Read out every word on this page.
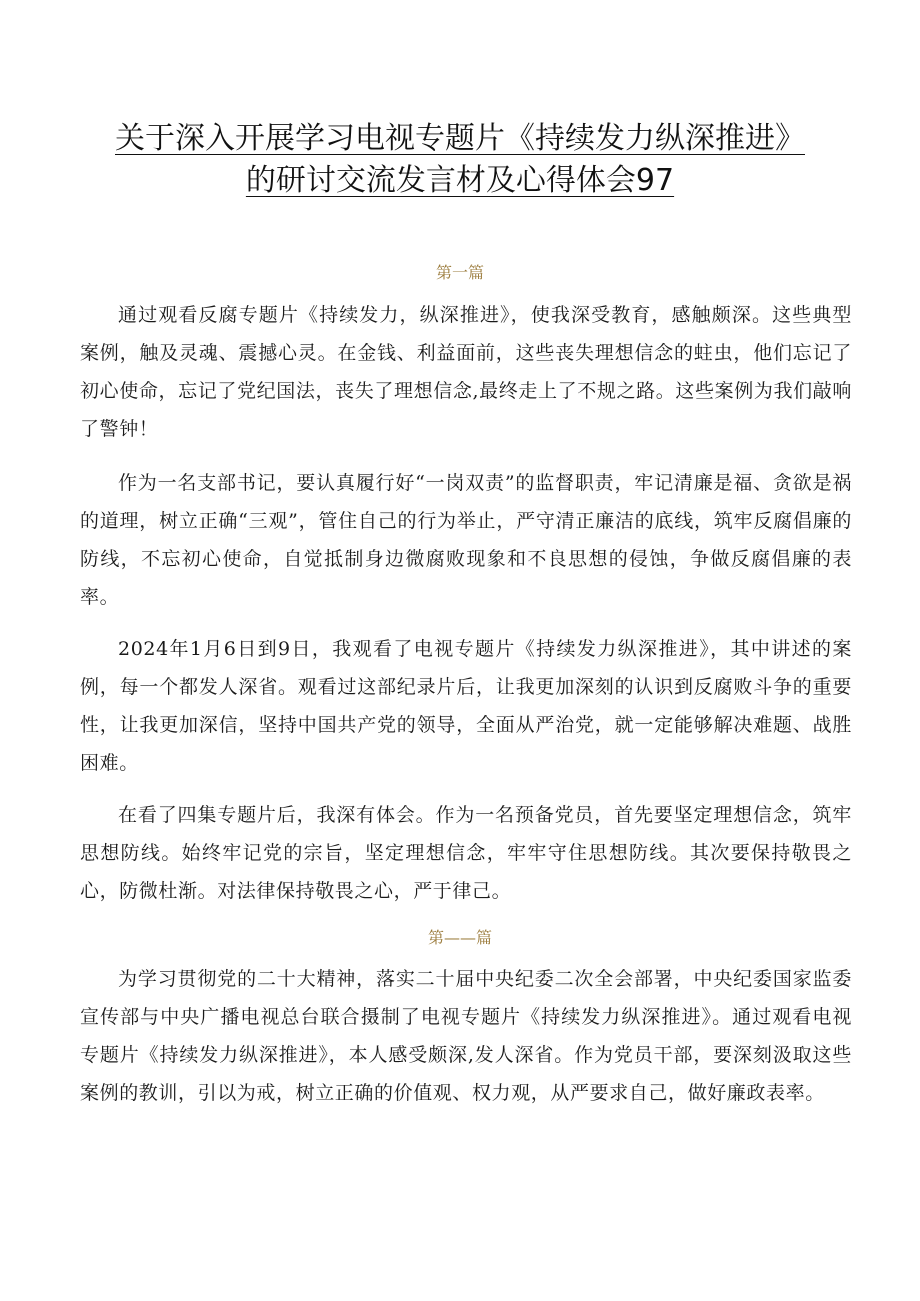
关于深入开展学习电视专题片《持续发力纵深推进》
的研讨交流发言材及心得体会97
第一篇

通过观看反腐专题片《持续发力，纵深推进》，使我深受教育，感触颇深。这些典型案例，触及灵魂、震撼心灵。在金钱、利益面前，这些丧失理想信念的蛀虫，他们忘记了初心使命，忘记了党纪国法，丧失了理想信念,最终走上了不规之路。这些案例为我们敲响了警钟！

作为一名支部书记，要认真履行好“一岗双责”的监督职责，牢记清廉是福、贪欲是祸的道理，树立正确“三观”，管住自己的行为举止，严守清正廉洁的底线，筑牢反腐倡廉的防线，不忘初心使命，自觉抵制身边微腐败现象和不良思想的侵蚀，争做反腐倡廉的表率。

2024年1月6日到9日，我观看了电视专题片《持续发力纵深推进》，其中讲述的案例，每一个都发人深省。观看过这部纪录片后，让我更加深刻的认识到反腐败斗争的重要性，让我更加深信，坚持中国共产党的领导，全面从严治党，就一定能够解决难题、战胜困难。

在看了四集专题片后，我深有体会。作为一名预备党员，首先要坚定理想信念，筑牢思想防线。始终牢记党的宗旨，坚定理想信念，牢牢守住思想防线。其次要保持敬畏之心，防微杜渐。对法律保持敬畏之心，严于律己。

第——篇

为学习贯彻党的二十大精神，落实二十届中央纪委二次全会部署，中央纪委国家监委宣传部与中央广播电视总台联合摄制了电视专题片《持续发力纵深推进》。通过观看电视专题片《持续发力纵深推进》，本人感受颇深,发人深省。作为党员干部，要深刻汲取这些案例的教训，引以为戒，树立正确的价值观、权力观，从严要求自己，做好廉政表率。
